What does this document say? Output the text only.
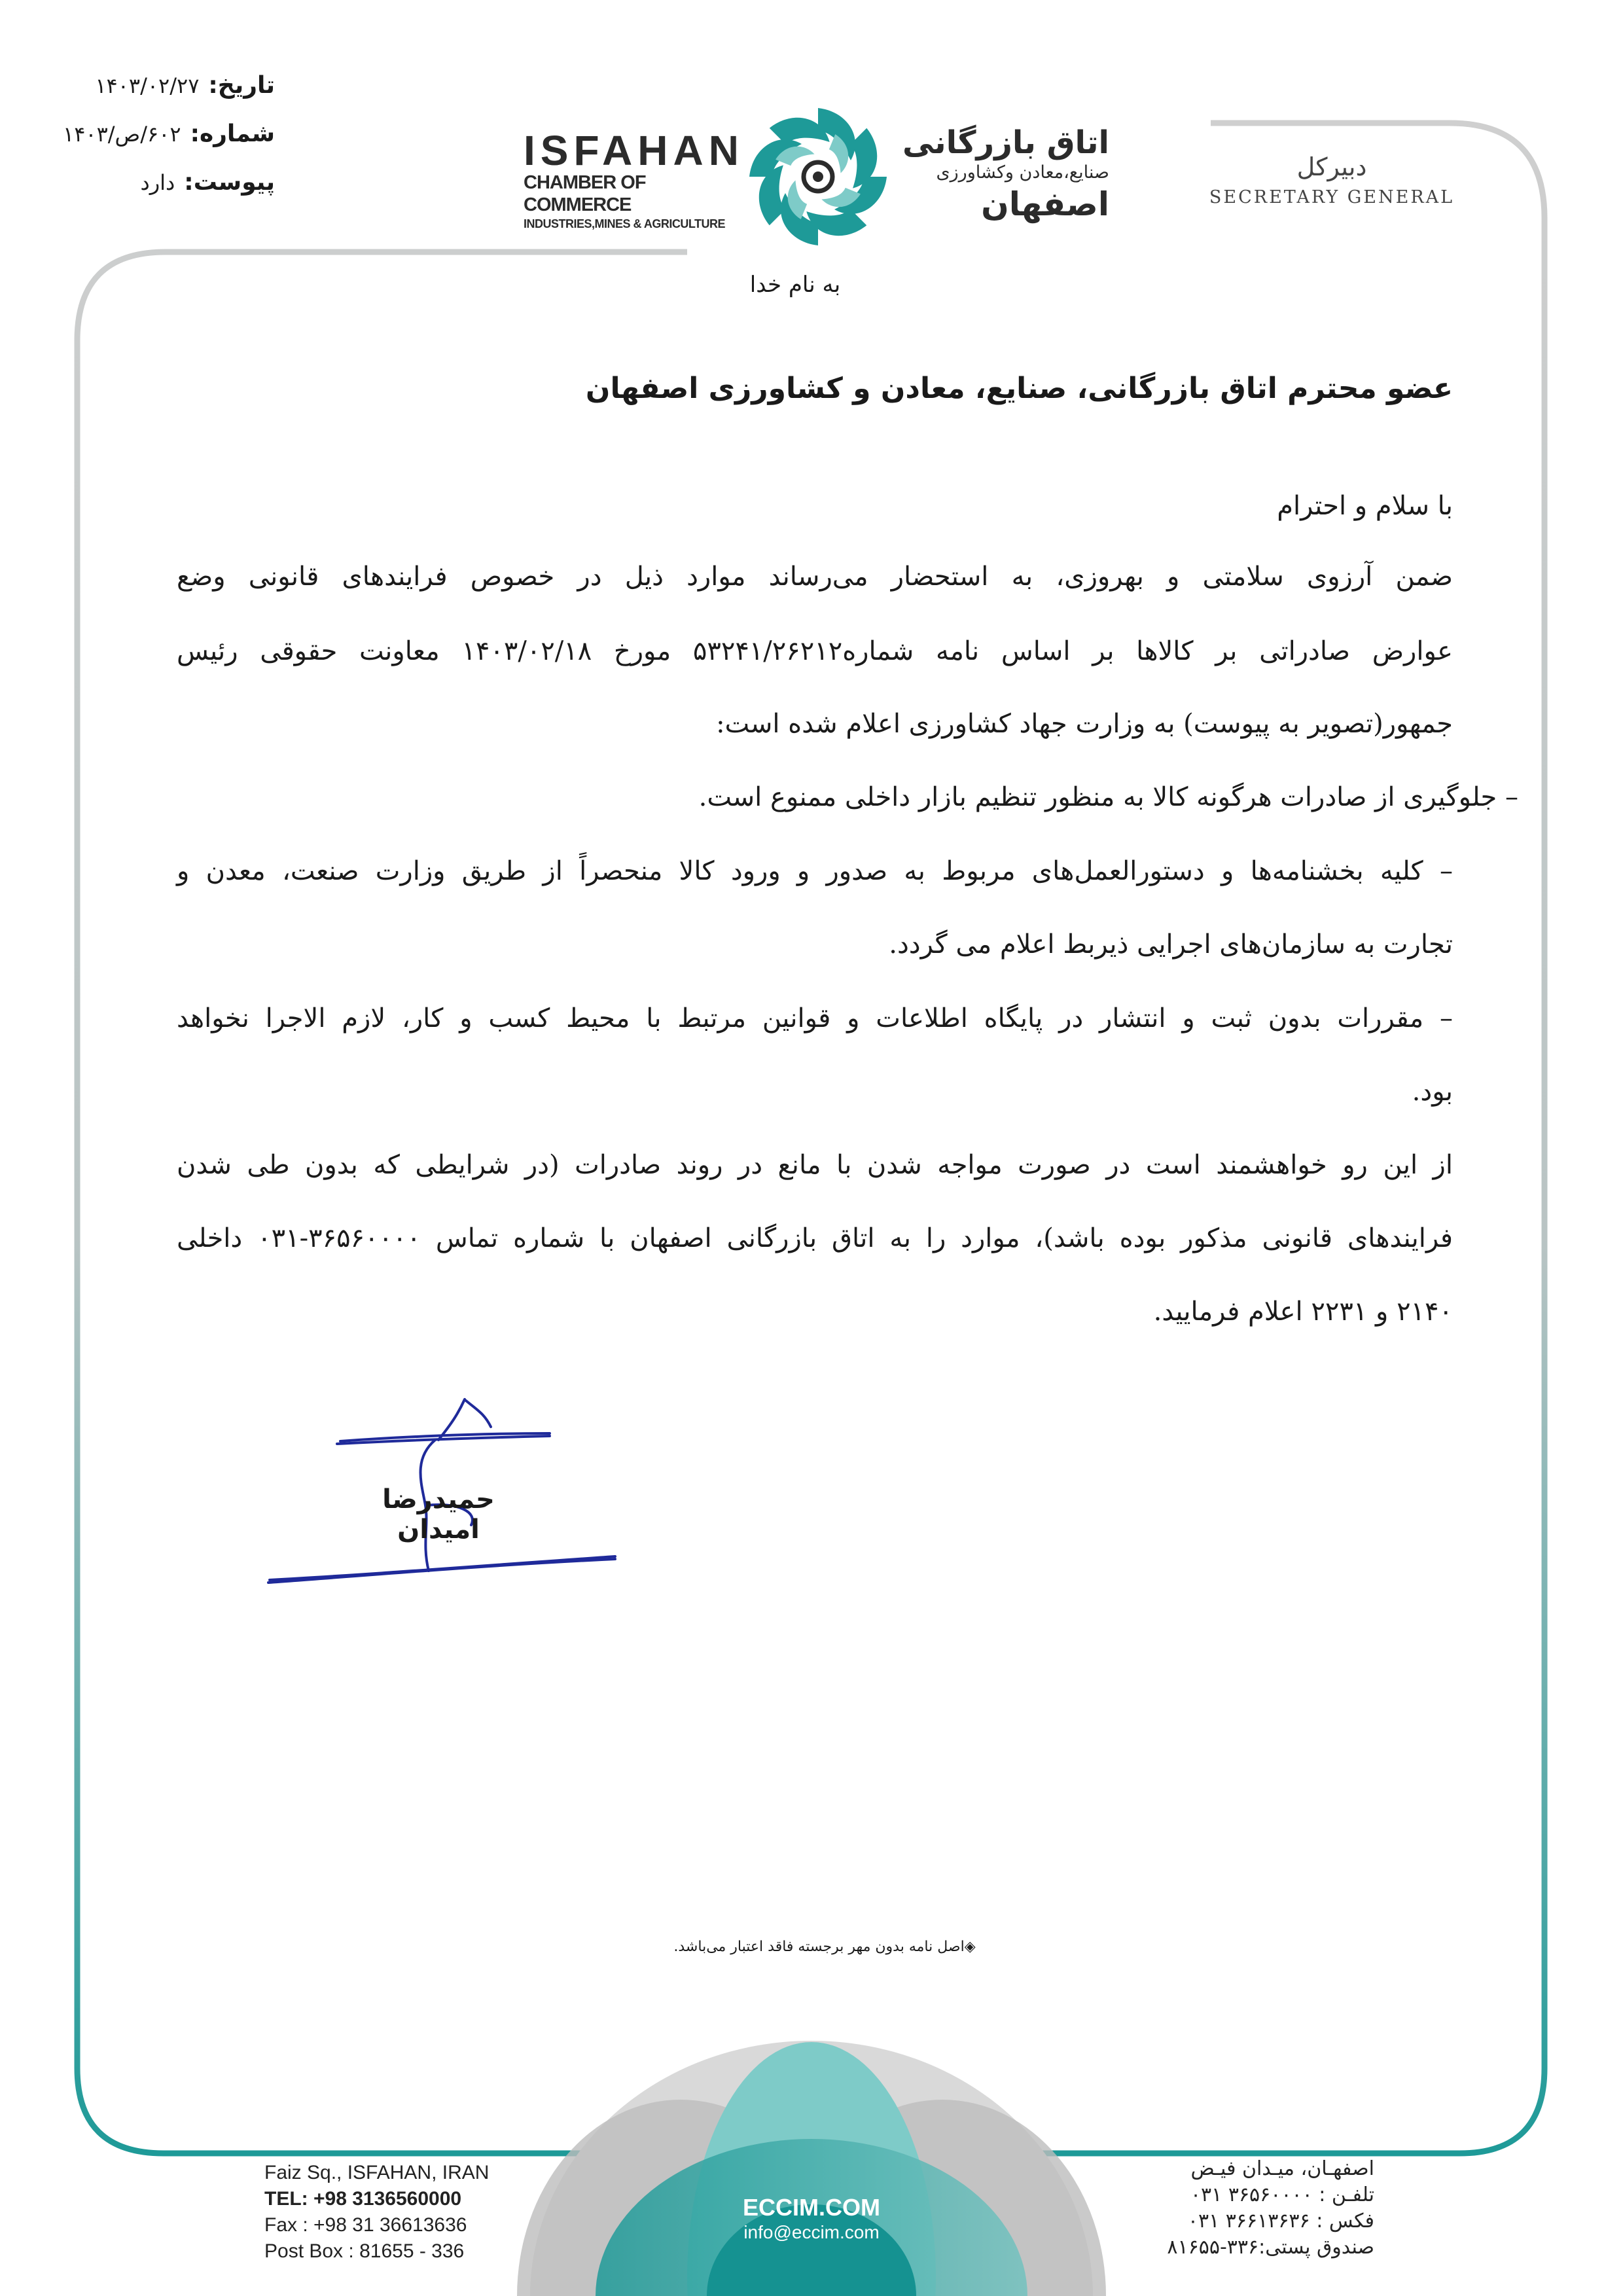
تاریخ:
۱۴۰۳/۰۲/۲۷
شماره:
۶۰۲/ص/۱۴۰۳
پیوست:
دارد
ISFAHAN
CHAMBER OF COMMERCE
INDUSTRIES,MINES & AGRICULTURE
اتاق بازرگانی
صنایع،معادن وکشاورزی
اصفهان
دبیرکل
SECRETARY GENERAL
به نام خدا
عضو محترم اتاق بازرگانی، صنایع، معادن و کشاورزی اصفهان
با سلام و احترام
ضمن آرزوی سلامتی و بهروزی، به استحضار می‌رساند موارد ذیل در خصوص فرایندهای قانونی وضع
عوارض صادراتی بر کالاها بر اساس نامه شماره۵۳۲۴۱/۲۶۲۱۲ مورخ ۱۴۰۳/۰۲/۱۸ معاونت حقوقی رئیس
جمهور(تصویر به پیوست) به وزارت جهاد کشاورزی اعلام شده است:
– جلوگیری از صادرات هرگونه کالا به منظور تنظیم بازار داخلی ممنوع است.
– کلیه بخشنامه‌ها و دستورالعمل‌های مربوط به صدور و ورود کالا منحصراً از طریق وزارت صنعت، معدن و
تجارت به سازمان‌های اجرایی ذیربط اعلام می گردد.
– مقررات بدون ثبت و انتشار در پایگاه اطلاعات و قوانین مرتبط با محیط کسب و کار، لازم الاجرا نخواهد
بود.
از این رو خواهشمند است در صورت مواجه شدن با مانع در روند صادرات (در شرایطی که بدون طی شدن
فرایندهای قانونی مذکور بوده باشد)، موارد را به اتاق بازرگانی اصفهان با شماره تماس ۳۶۵۶۰۰۰۰-۰۳۱ داخلی
۲۱۴۰ و ۲۲۳۱ اعلام فرمایید.
حمیدرضا امیدان
◈اصل نامه بدون مهر برجسته فاقد اعتبار می‌باشد.
Faiz Sq., ISFAHAN, IRAN
TEL:
+98 3136560000
Fax :
+98 31 36613636
Post Box :
81655 - 336
ECCIM.COM
info@eccim.com
اصفهـان، میـدان فیـض
تلفـن : ۳۶۵۶۰۰۰۰ ۰۳۱
فکس : ۳۶۶۱۳۶۳۶ ۰۳۱
صندوق پستی:۳۳۶-۸۱۶۵۵
